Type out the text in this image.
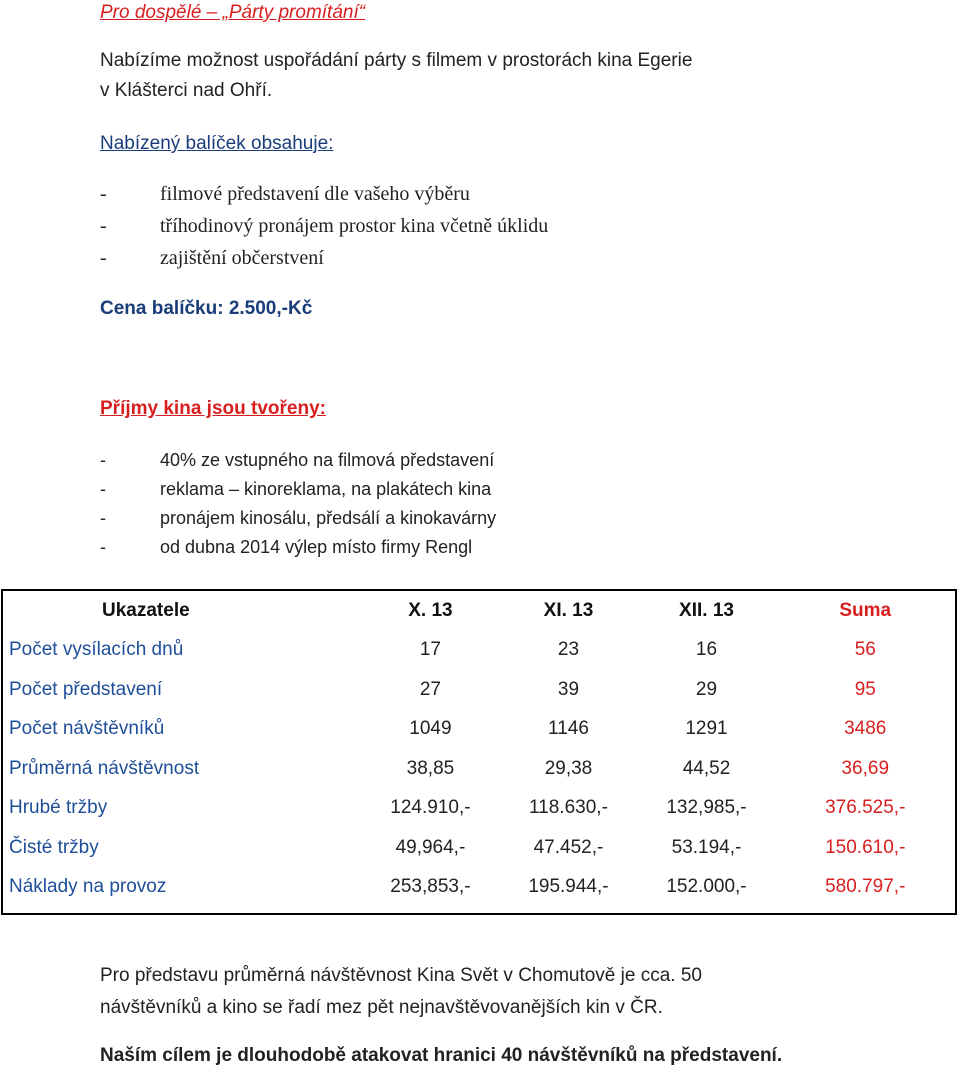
Pro dospělé – „Párty promítání“
Nabízíme možnost uspořádání párty s filmem v prostorách kina Egerie
v Klášterci nad Ohří.
Nabízený balíček obsahuje:
-	filmové představení dle vašeho výběru
-	tříhodinový pronájem prostor kina včetně úklidu
-	zajištění občerstvení
Cena balíčku: 2.500,-Kč
Příjmy kina jsou tvořeny:
-	40% ze vstupného na filmová představení
-	reklama – kinoreklama, na plakátech kina
-	pronájem kinosálu, předsálí a kinokavárny
-	od dubna 2014 výlep místo firmy Rengl
Ukazatele	X. 13	XI. 13	XII. 13	Suma
Počet vysílacích dnů	17	23	16	56
Počet představení	27	39	29	95
Počet návštěvníků	1049	1146	1291	3486
Průměrná návštěvnost	38,85	29,38	44,52	36,69
Hrubé tržby	124.910,-	118.630,-	132,985,-	376.525,-
Čisté tržby	49,964,-	47.452,-	53.194,-	150.610,-
Náklady na provoz	253,853,-	195.944,-	152.000,-	580.797,-
Pro představu průměrná návštěvnost Kina Svět v Chomutově je cca. 50
návštěvníků a kino se řadí mez pět nejnavštěvovanějších kin v ČR.
Naším cílem je dlouhodobě atakovat hranici 40 návštěvníků na představení.
